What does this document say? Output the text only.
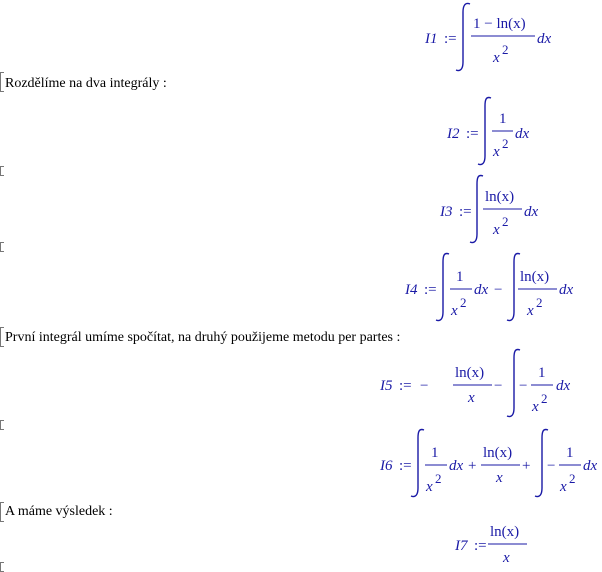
Rozdělíme na dva integrály :
První integrál umíme spočítat, na druhý použijeme metodu per partes :
A máme výsledek :
I1 :=
1 − ln(x)
x
2
dx
I2 :=
1
x
2
dx
I3 :=
ln(x)
x
2
dx
I4 :=
1
x
2
dx −
ln(x)
x
2
dx
I5 := −
ln(x)
x
− −
1
x
2
dx
I6 :=
1
x
2
dx +
ln(x)
x
+ −
1
x
2
dx
I7 :=
ln(x)
x
